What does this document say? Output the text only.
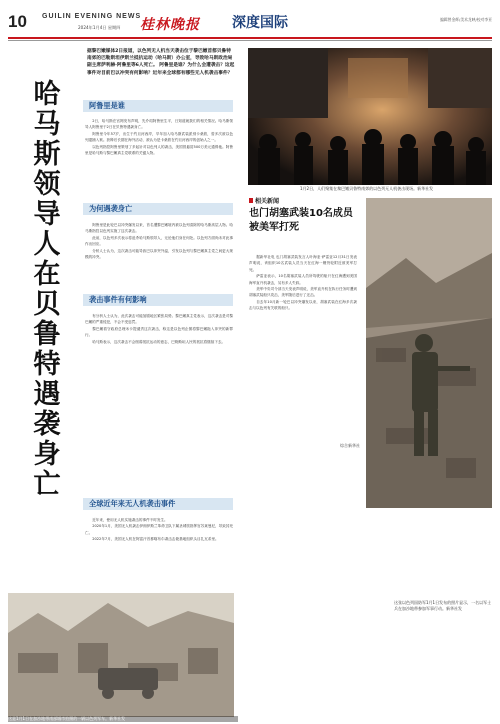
10 GUILIN EVENING NEWS
2024年1月4日 星期四 桂林晚报 深度国际	编辑曾金辉/美术龙映/校对李亚
哈马斯领导人在贝鲁特遇袭身亡
据黎巴嫩媒体2日报道，以色列无人机当天袭击位于黎巴嫩首都贝鲁特南郊的巴勒斯坦伊斯兰抵抗运动（哈马斯）办公室，导致哈马斯政治局副主席萨利赫·阿鲁里等6人死亡。 阿鲁里是谁？为什么会遭袭击？这起事件对目前巴以冲突有何影响？近年来全球都有哪些无人机袭击事件？
阿鲁里是谁

2日，哈马斯在官网发布声明，先介绍阿鲁里生平，日知道就我们的相关情况。哈马斯领导人阿鲁里于2日在贝鲁特遇袭身亡。

阿鲁里今年57岁，出生于约旦河西岸，早年加入哈马斯武装派别卡桑旅，曾多次被以色列逮捕入狱。获释后长期在海外活动，被认为是卡桑旅在约旦河西岸的创始人之一。

以色列指控阿鲁里策划了多起针对以色列人的袭击，美国曾悬赏500万美元通缉他。阿鲁里是哈马斯与黎巴嫩真主党联系的关键人物。

为何遇袭身亡

阿鲁里是此轮巴以冲突爆发以来，首名遭黎巴嫩境内被以色列清除的哈马斯高层人物。哈马斯指控以色列实施了这次袭击。

此前，以色列多次表示将追杀哈马斯领导人，无论他们身在何处。以色列方面尚未对此事作出回应。

分析人士认为，这次袭击可能导致巴以冲突外溢，引发以色列与黎巴嫩真主党之间更大规模的冲突。

袭击事件有何影响

有分析人士认为，此次袭击可能加剧地区紧张局势。黎巴嫩真主党表示，这次袭击是对黎巴嫩的严重侵犯，不会不受惩罚。

黎巴嫩看守政府总理米卡提谴责这次袭击，称这是以色列企图将黎巴嫩拖入冲突的新罪行。

哈马斯表示，这次袭击不会削弱抵抗运动的意志，巴勒斯坦人民的抵抗将继续下去。

全球近年来无人机袭击事件

近年来，使用无人机实施袭击的事件不时发生。

2020年1月，美国无人机袭击伊朗伊斯兰革命卫队下属圣城旅指挥官苏莱曼尼，导致其死亡。

2022年7月，美国无人机在阿富汗首都喀布尔袭击击毙基地组织头目扎瓦希里。

1月2日，人们聚集在黎巴嫩贝鲁特南郊的以色列无人机袭击现场。新华社发
相关新闻
也门胡塞武装10名成员被美军打死

据新华社电 也门胡塞武装发言人叶海亚·萨雷亚12月31日发表声明说，该组织10名武装人员当天在红海一艘货轮附近被美军打死。

萨雷亚表示，10名胡塞武装人员所驾驶的船只在红海遭到美国海军直升机袭击，另有多人失踪。

美军中央司令部当天发表声明说，美军直升机在执行任务时遭到胡塞武装船只攻击，美军随后进行了还击。

自去年10月新一轮巴以冲突爆发以来，胡塞武装在红海多次袭击与以色列有关联的船只。

综合新华社
这张以色列国防军1月1日发布的照片显示，一名以军士兵在加沙地带参加军事行动。新华社发
这是1月1日在加沙地带南部城市拍摄的一辆以色列军车。新华社发
